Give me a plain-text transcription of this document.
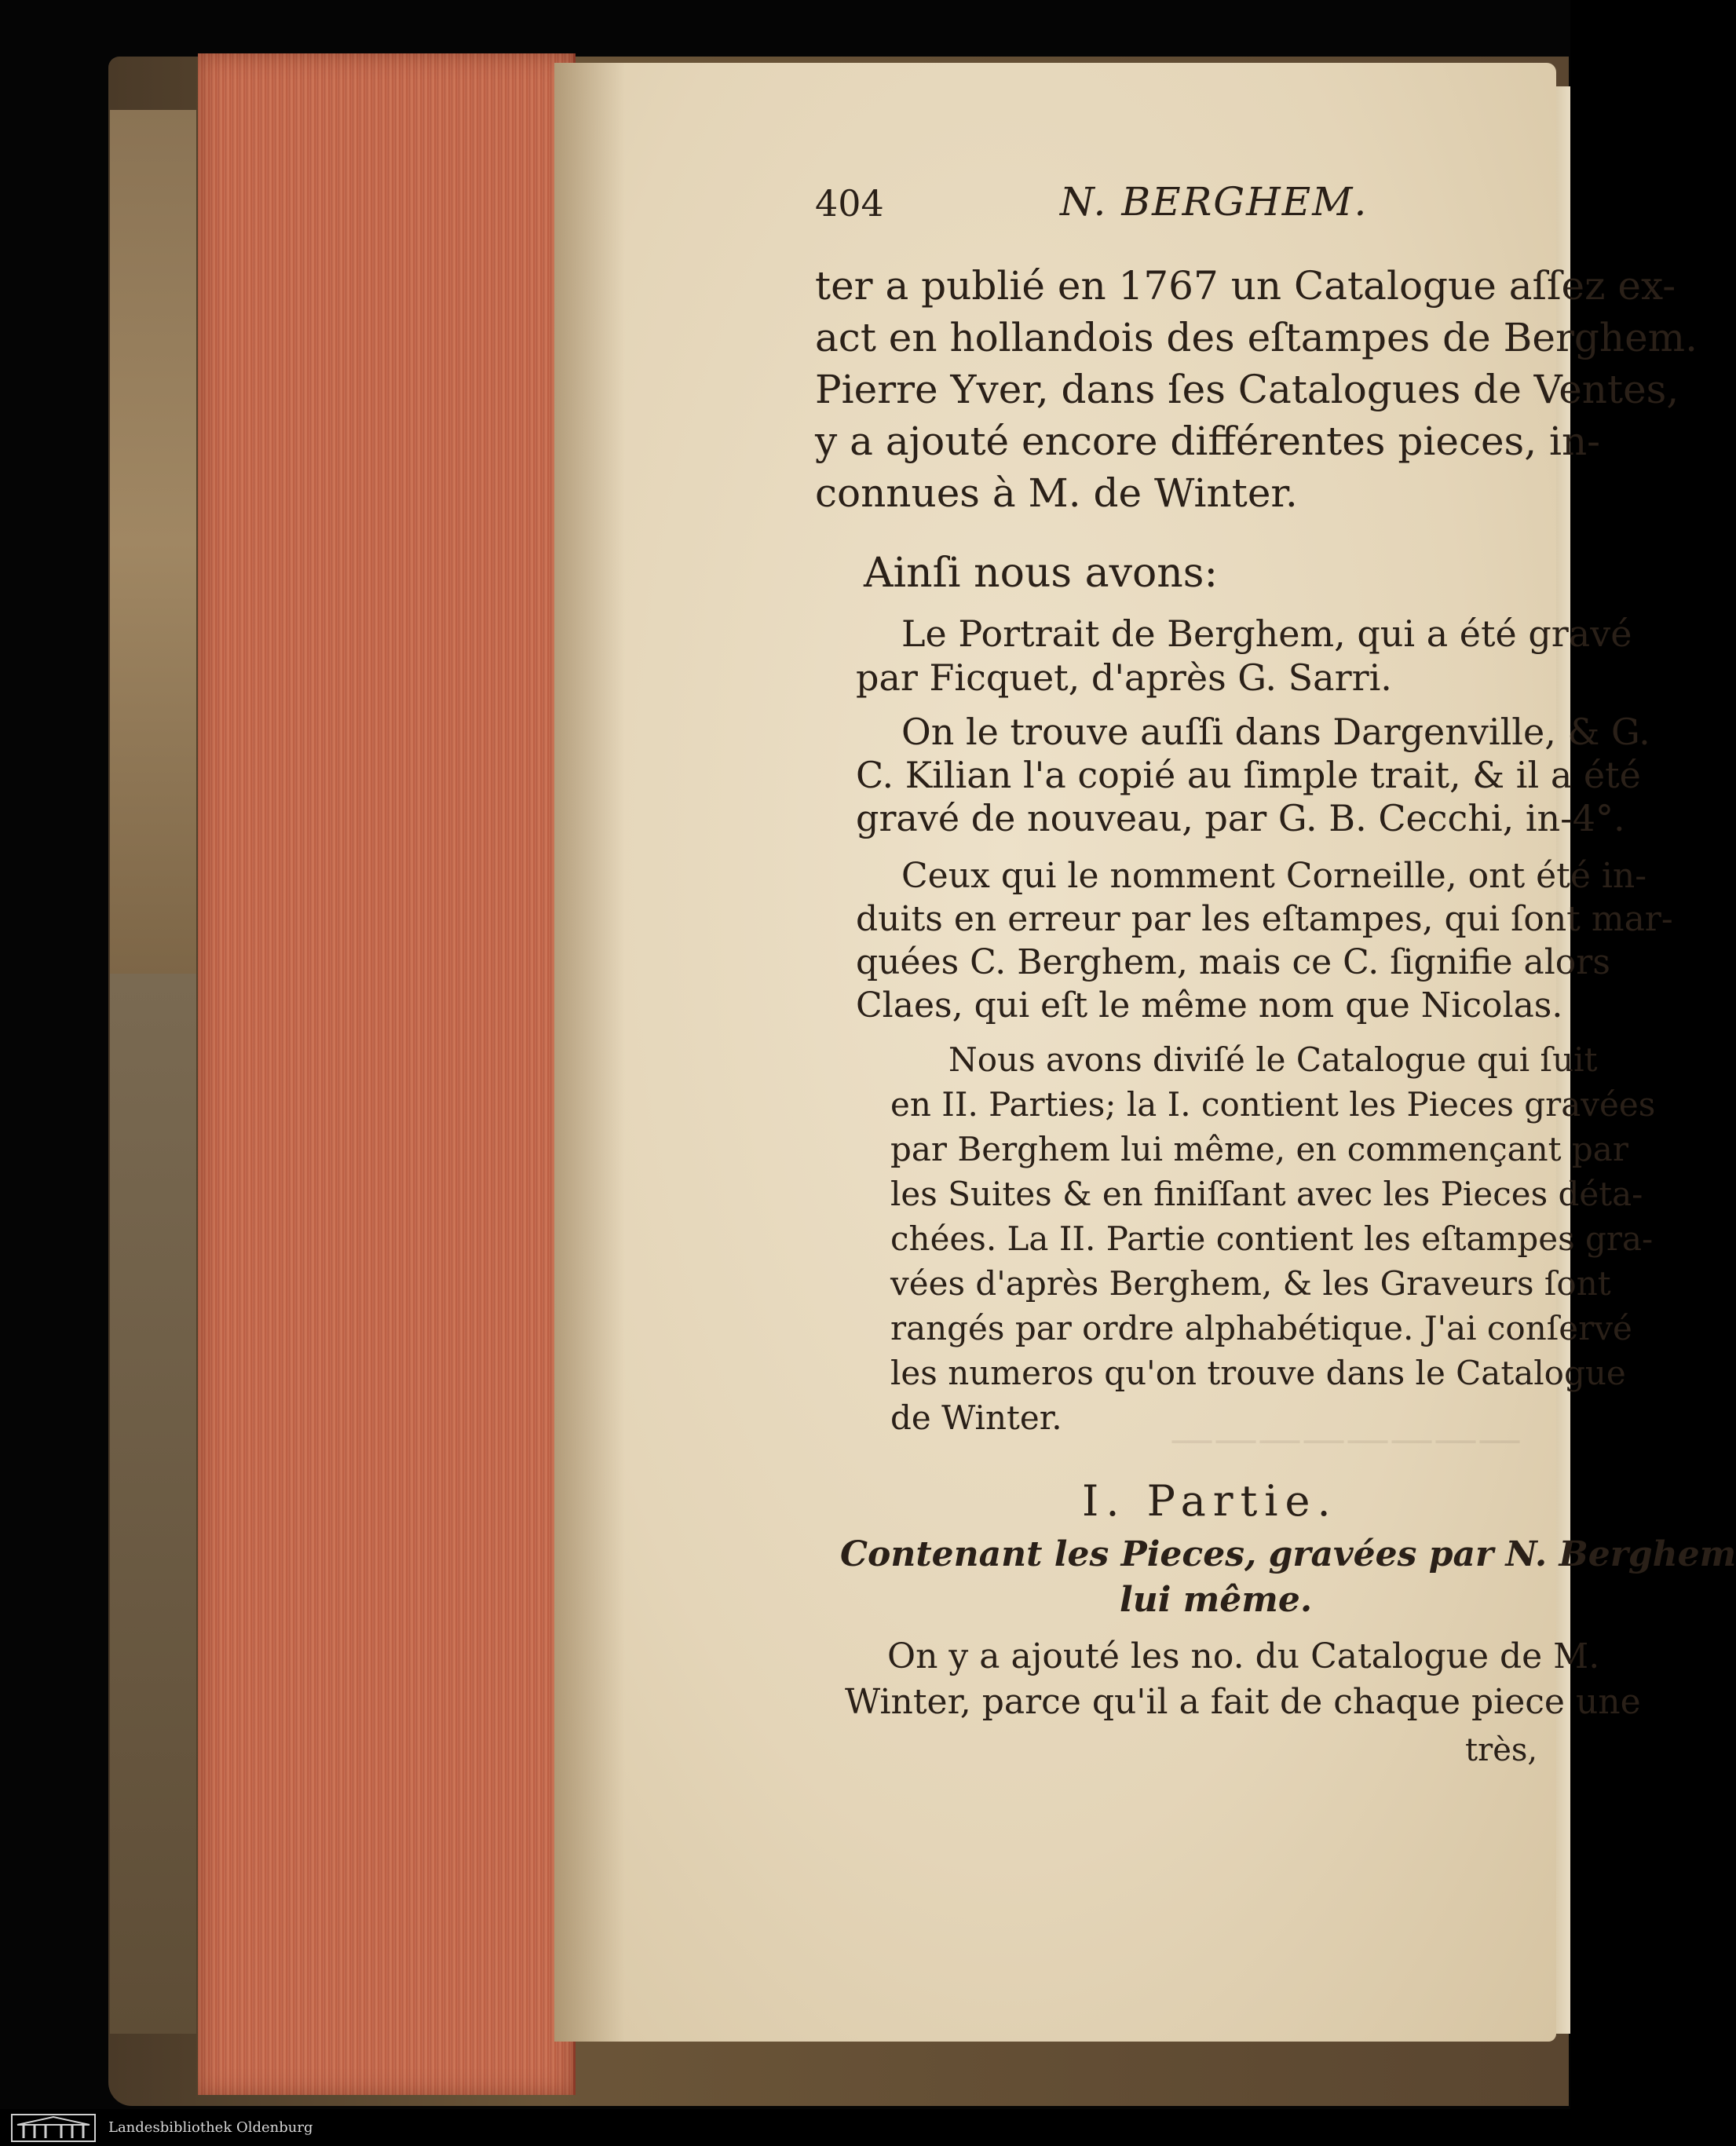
————————
404	N. BERGHEM.
ter a publié en 1767 un Catalogue aſſez ex-
act en hollandois des eſtampes de Berghem.
Pierre Yver, dans ſes Catalogues de Ventes,
y a ajouté encore différentes pieces, in-
connues à M. de Winter.
Ainſi nous avons:
Le Portrait de Berghem, qui a été gravé
par Ficquet, d'après G. Sarri.
On le trouve auſſi dans Dargenville, & G.
C. Kilian l'a copié au ſimple trait, & il a été
gravé de nouveau, par G. B. Cecchi, in-4°.
Ceux qui le nomment Corneille, ont été in-
duits en erreur par les eſtampes, qui ſont mar-
quées C. Berghem, mais ce C. ſignifie alors
Claes, qui eſt le même nom que Nicolas.
Nous avons diviſé le Catalogue qui ſuit
en II. Parties; la I. contient les Pieces gravées
par Berghem lui même, en commençant par
les Suites & en finiſſant avec les Pieces déta-
chées. La II. Partie contient les eſtampes gra-
vées d'après Berghem, & les Graveurs ſont
rangés par ordre alphabétique. J'ai conſervé
les numeros qu'on trouve dans le Catalogue
de Winter.
I. Partie.
Contenant les Pieces, gravées par N. Berghem
lui même.
On y a ajouté les no. du Catalogue de M.
Winter, parce qu'il a fait de chaque piece une
très,
Landesbibliothek Oldenburg
